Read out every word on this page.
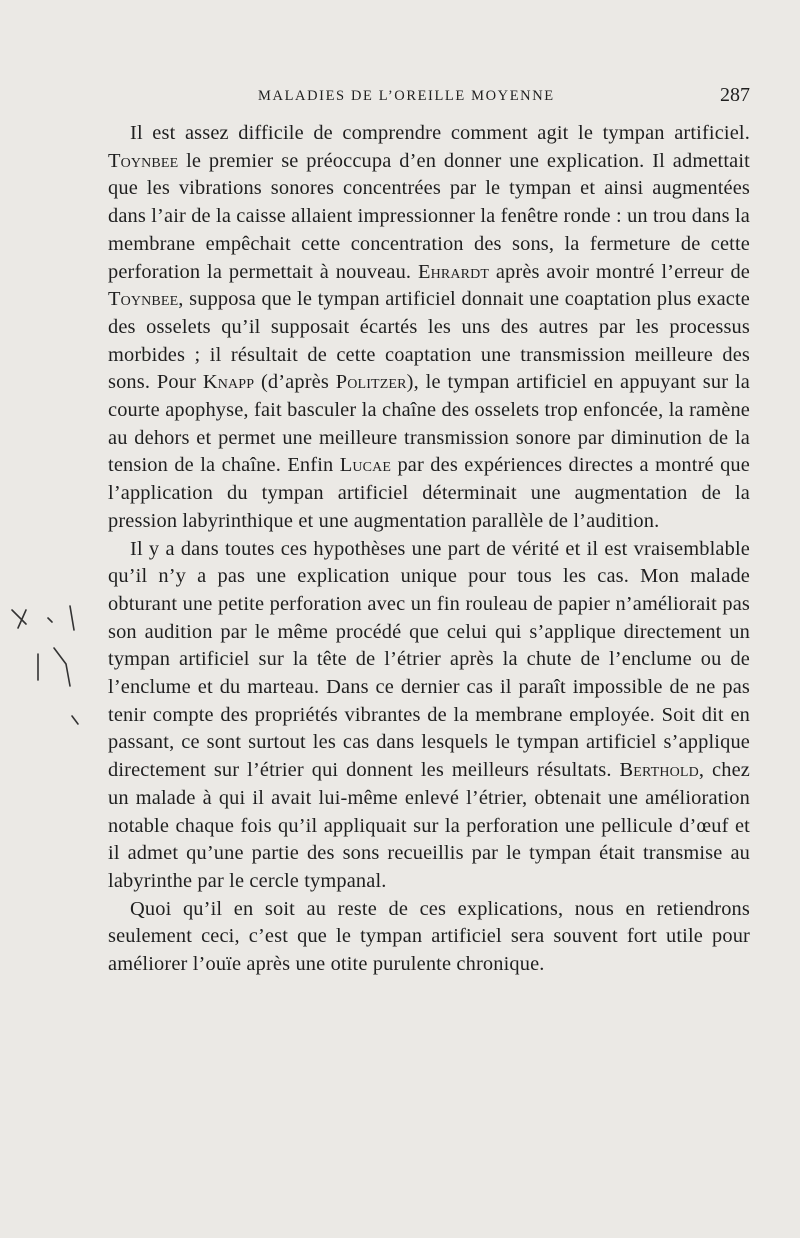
MALADIES DE L’OREILLE MOYENNE	287

Il est assez difficile de comprendre comment agit le tympan artificiel. Toynbee le premier se préoccupa d’en donner une explication. Il admettait que les vibrations sonores concentrées par le tympan et ainsi augmentées dans l’air de la caisse allaient impressionner la fenêtre ronde : un trou dans la membrane empêchait cette concentration des sons, la fermeture de cette perforation la permettait à nouveau. Ehrardt après avoir montré l’erreur de Toynbee, supposa que le tympan artificiel donnait une coaptation plus exacte des osselets qu’il supposait écartés les uns des autres par les processus morbides ; il résultait de cette coaptation une transmission meilleure des sons. Pour Knapp (d’après Politzer), le tympan artificiel en appuyant sur la courte apophyse, fait basculer la chaîne des osselets trop enfoncée, la ramène au dehors et permet une meilleure transmission sonore par diminution de la tension de la chaîne. Enfin Lucae par des expériences directes a montré que l’application du tympan artificiel déterminait une augmentation de la pression labyrinthique et une augmentation parallèle de l’audition.

Il y a dans toutes ces hypothèses une part de vérité et il est vraisemblable qu’il n’y a pas une explication unique pour tous les cas. Mon malade obturant une petite perforation avec un fin rouleau de papier n’améliorait pas son audition par le même procédé que celui qui s’applique directement un tympan artificiel sur la tête de l’étrier après la chute de l’enclume ou de l’enclume et du marteau. Dans ce dernier cas il paraît impossible de ne pas tenir compte des propriétés vibrantes de la membrane employée. Soit dit en passant, ce sont surtout les cas dans lesquels le tympan artificiel s’applique directement sur l’étrier qui donnent les meilleurs résultats. Berthold, chez un malade à qui il avait lui-même enlevé l’étrier, obtenait une amélioration notable chaque fois qu’il appliquait sur la perforation une pellicule d’œuf et il admet qu’une partie des sons recueillis par le tympan était transmise au labyrinthe par le cercle tympanal.

Quoi qu’il en soit au reste de ces explications, nous en retiendrons seulement ceci, c’est que le tympan artificiel sera souvent fort utile pour améliorer l’ouïe après une otite purulente chronique.
